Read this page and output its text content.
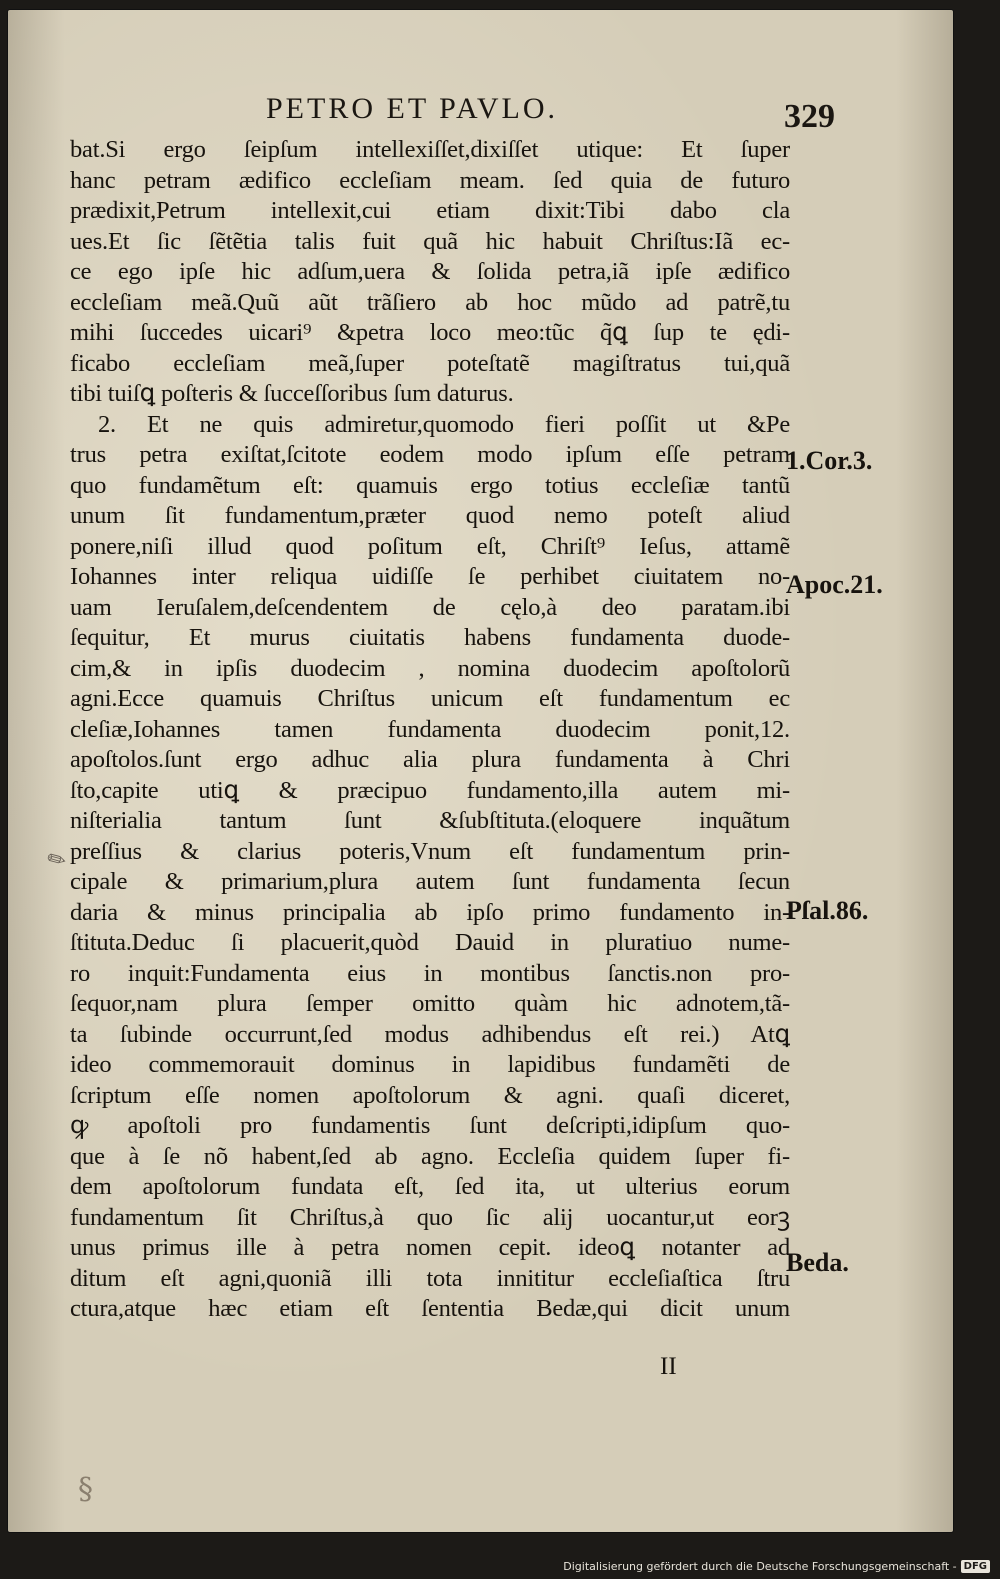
PETRO ET PAVLO.	329
bat.Si ergo ſeipſum intellexiſſet,dixiſſet utique: Et ſuper
hanc petram ædifico eccleſiam meam. ſed quia de futuro
prædixit,Petrum intellexit,cui etiam dixit:Tibi dabo cla
ues.Et ſic ſẽtẽtia talis fuit quã hic habuit Chriſtus:Iã ec-
ce ego ipſe hic adſum,uera & ſolida petra,iã ipſe ædifico
eccleſiam meã.Quũ aũt trãſiero ab hoc mũdo ad patrẽ,tu
mihi ſuccedes uicari⁹ &petra loco meo:tũc q̃ꝗ ſup te ędi-
ficabo eccleſiam meã,ſuper poteſtatẽ magiſtratus tui,quã
tibi tuiſꝗ poſteris & ſucceſſoribus ſum daturus.
2. Et ne quis admiretur,quomodo fieri poſſit ut &Pe
trus petra exiſtat,ſcitote eodem modo ipſum eſſe petram
quo fundamẽtum eſt: quamuis ergo totius eccleſiæ tantũ
unum ſit fundamentum,præter quod nemo poteſt aliud
ponere,niſi illud quod poſitum eſt, Chriſt⁹ Ieſus, attamẽ
Iohannes inter reliqua uidiſſe ſe perhibet ciuitatem no-
uam Ieruſalem,deſcendentem de cęlo,à deo paratam.ibi
ſequitur, Et murus ciuitatis habens fundamenta duode-
cim,& in ipſis duodecim , nomina duodecim apoſtolorũ
agni.Ecce quamuis Chriſtus unicum eſt fundamentum ec
cleſiæ,Iohannes tamen fundamenta duodecim ponit,12.
apoſtolos.ſunt ergo adhuc alia plura fundamenta à Chri
ſto,capite utiꝗ & præcipuo fundamento,illa autem mi-
niſterialia tantum ſunt &ſubſtituta.(eloquere inquãtum
preſſius & clarius poteris,Vnum eſt fundamentum prin-
cipale & primarium,plura autem ſunt fundamenta ſecun
daria & minus principalia ab ipſo primo fundamento in-
ſtituta.Deduc ſi placuerit,quòd Dauid in pluratiuo nume-
ro inquit:Fundamenta eius in montibus ſanctis.non pro-
ſequor,nam plura ſemper omitto quàm hic adnotem,tã-
ta ſubinde occurrunt,ſed modus adhibendus eſt rei.) Atꝗ
ideo commemorauit dominus in lapidibus fundamẽti de
ſcriptum eſſe nomen apoſtolorum & agni. quaſi diceret,
ꝙ apoſtoli pro fundamentis ſunt deſcripti,idipſum quo-
que à ſe nõ habent,ſed ab agno. Eccleſia quidem ſuper fi-
dem apoſtolorum fundata eſt, ſed ita, ut ulterius eorum
fundamentum ſit Chriſtus,à quo ſic alij uocantur,ut eorꝫ
unus primus ille à petra nomen cepit. ideoꝗ notanter ad
ditum eſt agni,quoniã illi tota innititur eccleſiaſtica ſtru
ctura,atque hæc etiam eſt ſententia Bedæ,qui dicit unum
1.Cor.3.
Apoc.21.
Pſal.86.
Beda.
II
✎
§
Digitalisierung gefördert durch die Deutsche Forschungsgemeinschaft - DFG
